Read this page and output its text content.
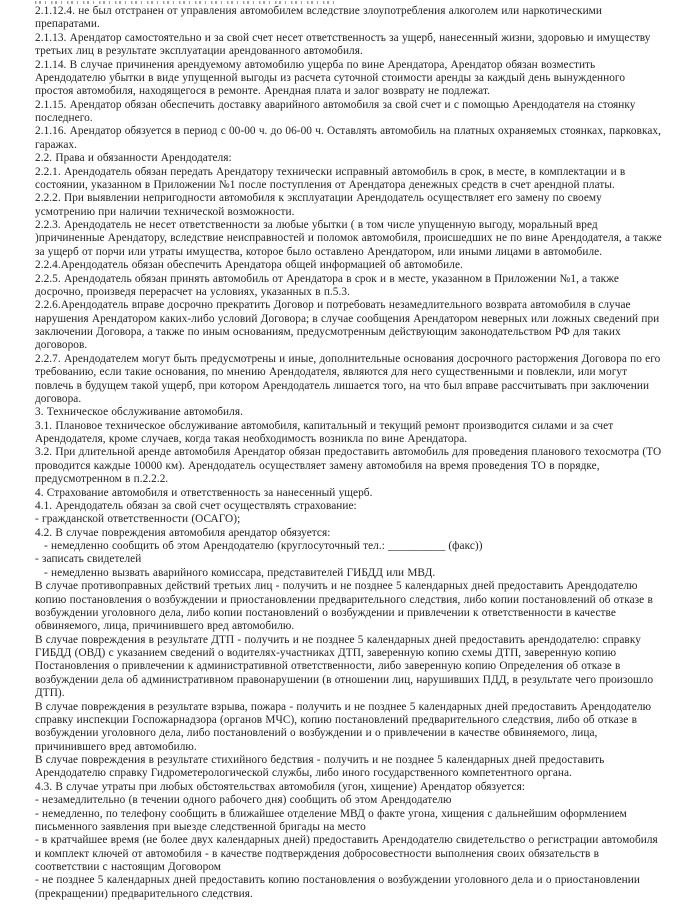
2.1.12.4. не был отстранен от управления автомобилем вследствие злоупотребления алкоголем или наркотическими препаратами.

2.1.13. Арендатор самостоятельно и за свой счет несет ответственность за ущерб, нанесенный жизни, здоровью и имуществу третьих лиц в результате эксплуатации арендованного автомобиля.

2.1.14. В случае причинения арендуемому автомобилю ущерба по вине Арендатора, Арендатор обязан возместить Арендодателю убытки в виде упущенной выгоды из расчета суточной стоимости аренды за каждый день вынужденного простоя автомобиля, находящегося в ремонте. Арендная плата и залог возврату не подлежат.

2.1.15. Арендатор обязан обеспечить доставку аварийного автомобиля за свой счет и с помощью Арендодателя на стоянку последнего.

2.1.16. Арендатор обязуется в период с 00-00 ч. до 06-00 ч. Оставлять автомобиль на платных охраняемых стоянках, парковках, гаражах.

2.2. Права и обязанности Арендодателя:

2.2.1. Арендодатель обязан передать Арендатору технически исправный автомобиль в срок, в месте, в комплектации и в состоянии, указанном в Приложении №1 после поступления от Арендатора денежных средств в счет арендной платы.

2.2.2. При выявлении непригодности автомобиля к эксплуатации Арендодатель осуществляет его замену по своему усмотрению при наличии технической возможности.

2.2.3. Арендодатель не несет ответственности за любые убытки ( в том числе упущенную выгоду, моральный вред )причиненные Арендатору, вследствие неисправностей и поломок автомобиля, происшедших не по вине Арендодателя, а также за ущерб от порчи или утраты имущества, которое было оставлено Арендатором, или иными лицами в автомобиле.

2.2.4.Арендодатель обязан обеспечить Арендатора общей информацией об автомобиле.

2.2.5. Арендодатель обязан принять автомобиль от Арендатора в срок и в месте, указанном в Приложении №1, а также досрочно, произведя перерасчет на условиях, указанных в п.5.3.

2.2.6.Арендодатель вправе досрочно прекратить Договор и потребовать незамедлительного возврата автомобиля в случае нарушения Арендатором каких-либо условий Договора; в случае сообщения Арендатором неверных или ложных сведений при заключении Договора, а также по иным основаниям, предусмотренным действующим законодательством РФ для таких договоров.

2.2.7. Арендодателем могут быть предусмотрены и иные, дополнительные основания досрочного расторжения Договора по его требованию, если такие основания, по мнению Арендодателя, являются для него существенными и повлекли, или могут повлечь в будущем такой ущерб, при котором Арендодатель лишается того, на что был вправе рассчитывать при заключении договора.

3. Техническое обслуживание автомобиля.

3.1. Плановое техническое обслуживание автомобиля, капитальный и текущий ремонт производится силами и за счет Арендодателя, кроме случаев, когда такая необходимость возникла по вине Арендатора.

3.2. При длительной аренде автомобиля Арендатор обязан предоставить автомобиль для проведения планового техосмотра (ТО проводится каждые 10000 км). Арендодатель осуществляет замену автомобиля на время проведения ТО в порядке, предусмотренном в п.2.2.2.

4. Страхование автомобиля и ответственность за нанесенный ущерб.

4.1. Арендодатель обязан за свой счет осуществлять страхование:

- гражданской ответственности (ОСАГО);

4.2. В случае повреждения автомобиля арендатор обязуется:

- немедленно сообщить об этом Арендодателю (круглосуточный тел.: __________ (факс))

- записать свидетелей

- немедленно вызвать аварийного комиссара, представителей ГИБДД или МВД.

В случае противоправных действий третьих лиц - получить и не позднее 5 календарных дней предоставить Арендодателю копию постановления о возбуждении и приостановлении предварительного следствия, либо копии постановлений об отказе в возбуждении уголовного дела, либо копии постановлений о возбуждении и привлечении к ответственности в качестве обвиняемого, лица, причинившего вред автомобилю.

В случае повреждения в результате ДТП - получить и не позднее 5 календарных дней предоставить арендодателю: справку ГИБДД (ОВД) с указанием сведений о водителях-участниках ДТП, заверенную копию схемы ДТП, заверенную копию Постановления о привлечении к административной ответственности, либо заверенную копию Определения об отказе в возбуждении дела об административном правонарушении (в отношении лиц, нарушивших ПДД, в результате чего произошло ДТП).

В случае повреждения в результате взрыва, пожара - получить и не позднее 5 календарных дней предоставить Арендодателю справку инспекции Госпожарнадзора (органов МЧС), копию постановлений предварительного следствия, либо об отказе в возбуждении уголовного дела, либо постановлений о возбуждении и о привлечении в качестве обвиняемого, лица, причинившего вред автомобилю.

В случае повреждения в результате стихийного бедствия - получить и не позднее 5 календарных дней предоставить Арендодателю справку Гидрометерологической службы, либо иного государственного компетентного органа.

4.3. В случае утраты при любых обстоятельствах автомобиля (угон, хищение) Арендатор обязуется:

- незамедлительно (в течении одного рабочего дня) сообщить об этом Арендодателю

- немедленно, по телефону сообщить в ближайшее отделение МВД о факте угона, хищения с дальнейшим оформлением письменного заявления при выезде следственной бригады на место

- в кратчайшее время (не более двух календарных дней) предоставить Арендодателю свидетельство о регистрации автомобиля и комплект ключей от автомобиля - в качестве подтверждения добросовестности выполнения своих обязательств в соответствии с настоящим Договором

- не позднее 5 календарных дней предоставить копию постановления о возбуждении уголовного дела и о приостановлении (прекращении) предварительного следствия.
